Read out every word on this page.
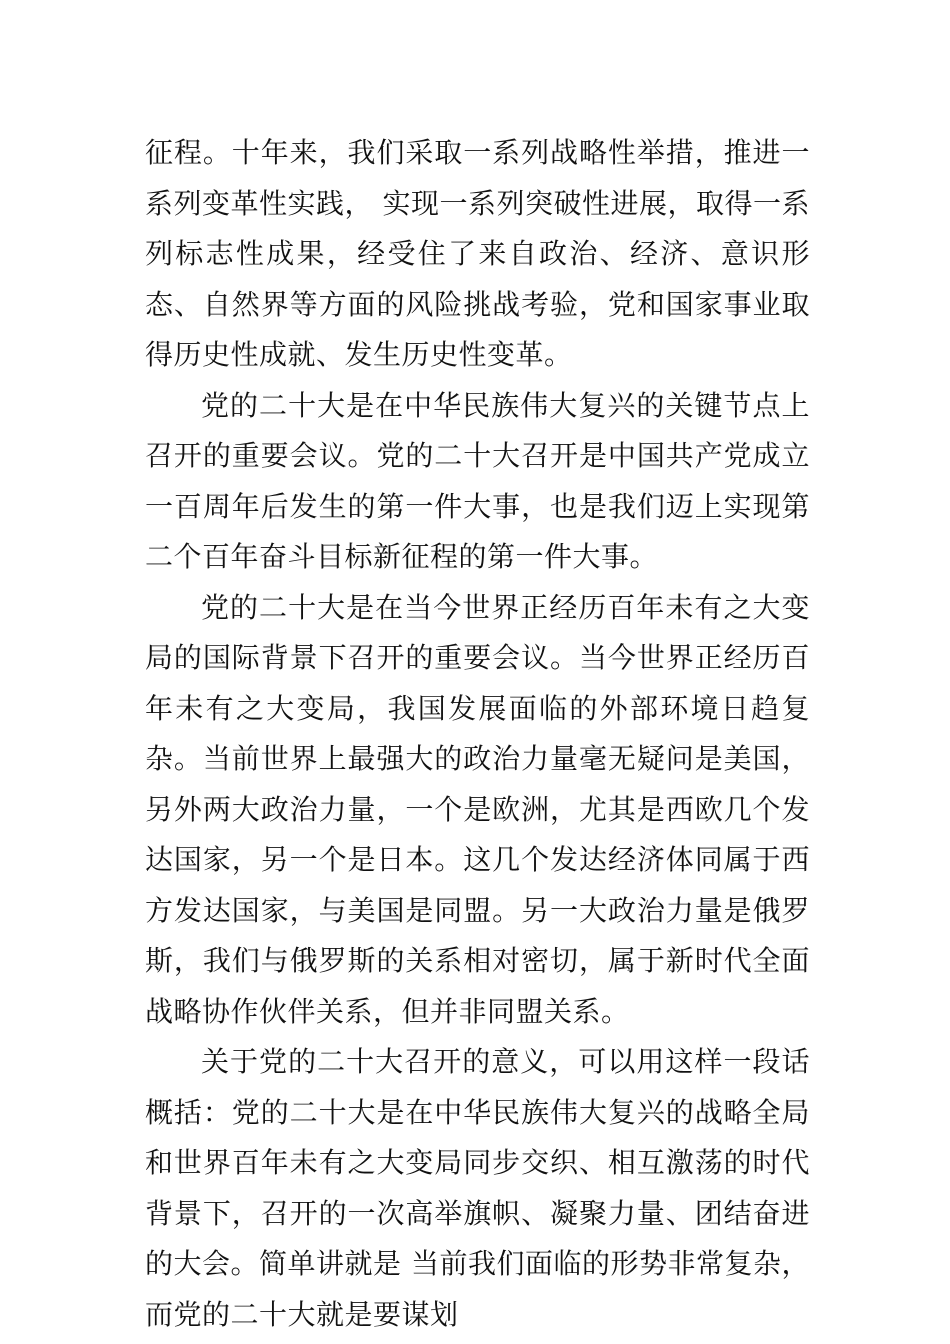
征程。十年来，我们采取一系列战略性举措，推进一系列变革性实践， 实现一系列突破性进展，取得一系列标志性成果，经受住了来自政治、经济、意识形态、自然界等方面的风险挑战考验，党和国家事业取得历史性成就、发生历史性变革。

党的二十大是在中华民族伟大复兴的关键节点上召开的重要会议。党的二十大召开是中国共产党成立一百周年后发生的第一件大事，也是我们迈上实现第二个百年奋斗目标新征程的第一件大事。

党的二十大是在当今世界正经历百年未有之大变局的国际背景下召开的重要会议。当今世界正经历百年未有之大变局，我国发展面临的外部环境日趋复杂。当前世界上最强大的政治力量毫无疑问是美国，另外两大政治力量，一个是欧洲，尤其是西欧几个发达国家，另一个是日本。这几个发达经济体同属于西方发达国家，与美国是同盟。另一大政治力量是俄罗斯，我们与俄罗斯的关系相对密切，属于新时代全面战略协作伙伴关系，但并非同盟关系。

关于党的二十大召开的意义，可以用这样一段话概括：党的二十大是在中华民族伟大复兴的战略全局和世界百年未有之大变局同步交织、相互激荡的时代背景下，召开的一次高举旗帜、凝聚力量、团结奋进的大会。简单讲就是 当前我们面临的形势非常复杂，而党的二十大就是要谋划
